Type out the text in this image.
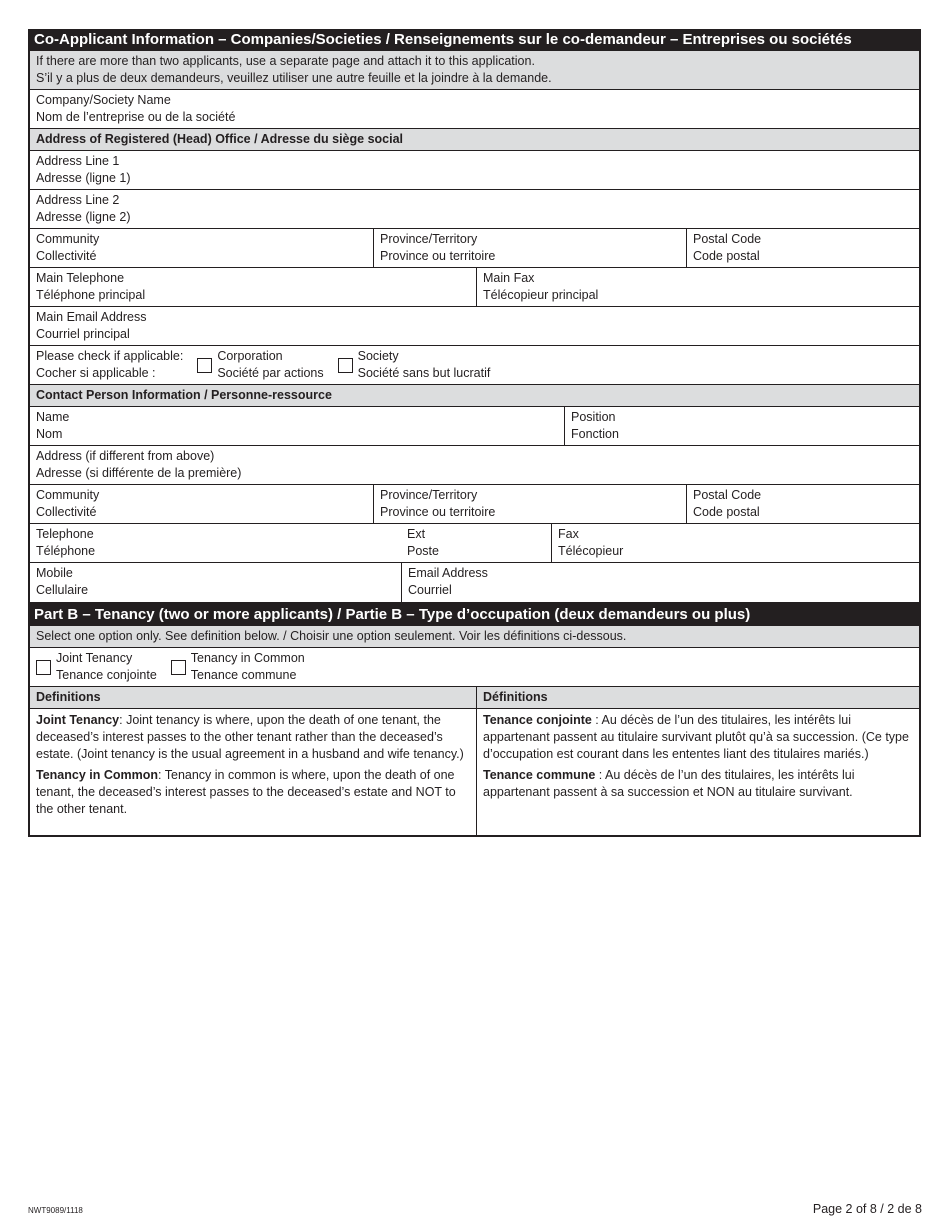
Co-Applicant Information – Companies/Societies / Renseignements sur le co-demandeur – Entreprises ou sociétés
If there are more than two applicants, use a separate page and attach it to this application.
S’il y a plus de deux demandeurs, veuillez utiliser une autre feuille et la joindre à la demande.
Company/Society Name
Nom de l’entreprise ou de la société
Address of Registered (Head) Office / Adresse du siège social
Address Line 1
Adresse (ligne 1)
Address Line 2
Adresse (ligne 2)
Community
Collectivité
Province/Territory
Province ou territoire
Postal Code
Code postal
Main Telephone
Téléphone principal
Main Fax
Télécopieur principal
Main Email Address
Courriel principal
Please check if applicable:
Cocher si applicable :
Corporation
Société par actions
Society
Société sans but lucratif
Contact Person Information / Personne-ressource
Name
Nom
Position
Fonction
Address (if different from above)
Adresse (si différente de la première)
Community
Collectivité
Province/Territory
Province ou territoire
Postal Code
Code postal
Telephone
Téléphone
Ext
Poste
Fax
Télécopieur
Mobile
Cellulaire
Email Address
Courriel
Part B – Tenancy (two or more applicants) / Partie B – Type d’occupation (deux demandeurs ou plus)
Select one option only. See definition below. / Choisir une option seulement. Voir les définitions ci-dessous.
Joint Tenancy
Tenance conjointe
Tenancy in Common
Tenance commune
Definitions	Définitions

Joint Tenancy: Joint tenancy is where, upon the death of one tenant, the deceased’s interest passes to the other tenant rather than the deceased’s estate. (Joint tenancy is the usual agreement in a husband and wife tenancy.)

Tenancy in Common: Tenancy in common is where, upon the death of one tenant, the deceased’s interest passes to the deceased’s estate and NOT to the other tenant.

Tenance conjointe : Au décès de l’un des titulaires, les intérêts lui appartenant passent au titulaire survivant plutôt qu’à sa succession. (Ce type d’occupation est courant dans les ententes liant des titulaires mariés.)

Tenance commune : Au décès de l’un des titulaires, les intérêts lui appartenant passent à sa succession et NON au titulaire survivant.

NWT9089/1118	Page 2 of 8 / 2 de 8
